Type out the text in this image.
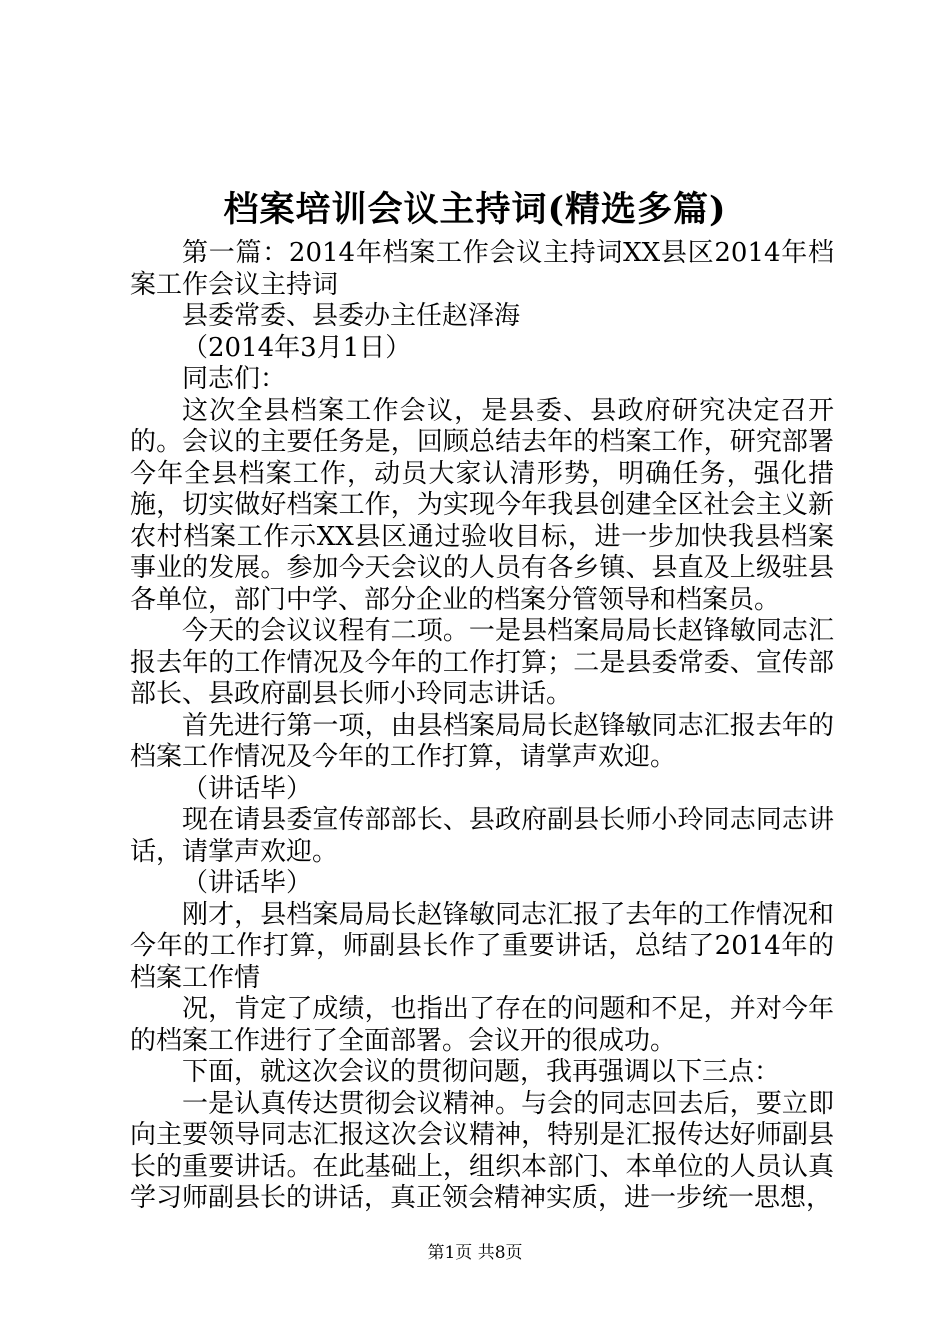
档案培训会议主持词(精选多篇)

第一篇：2014年档案工作会议主持词XX县区2014年档案工作会议主持词

县委常委、县委办主任赵泽海

（2014年3月1日）

同志们：

这次全县档案工作会议，是县委、县政府研究决定召开的。会议的主要任务是，回顾总结去年的档案工作，研究部署今年全县档案工作，动员大家认清形势，明确任务，强化措施，切实做好档案工作，为实现今年我县创建全区社会主义新农村档案工作示XX县区通过验收目标，进一步加快我县档案事业的发展。参加今天会议的人员有各乡镇、县直及上级驻县各单位，部门中学、部分企业的档案分管领导和档案员。

今天的会议议程有二项。一是县档案局局长赵锋敏同志汇报去年的工作情况及今年的工作打算；二是县委常委、宣传部部长、县政府副县长师小玲同志讲话。

首先进行第一项，由县档案局局长赵锋敏同志汇报去年的档案工作情况及今年的工作打算，请掌声欢迎。

（讲话毕）

现在请县委宣传部部长、县政府副县长师小玲同志同志讲话，请掌声欢迎。

（讲话毕）

刚才，县档案局局长赵锋敏同志汇报了去年的工作情况和今年的工作打算，师副县长作了重要讲话，总结了2014年的档案工作情

况，肯定了成绩，也指出了存在的问题和不足，并对今年的档案工作进行了全面部署。会议开的很成功。

下面，就这次会议的贯彻问题，我再强调以下三点：

一是认真传达贯彻会议精神。与会的同志回去后，要立即向主要领导同志汇报这次会议精神，特别是汇报传达好师副县长的重要讲话。在此基础上，组织本部门、本单位的人员认真学习师副县长的讲话，真正领会精神实质，进一步统一思想，

第1页 共8页
